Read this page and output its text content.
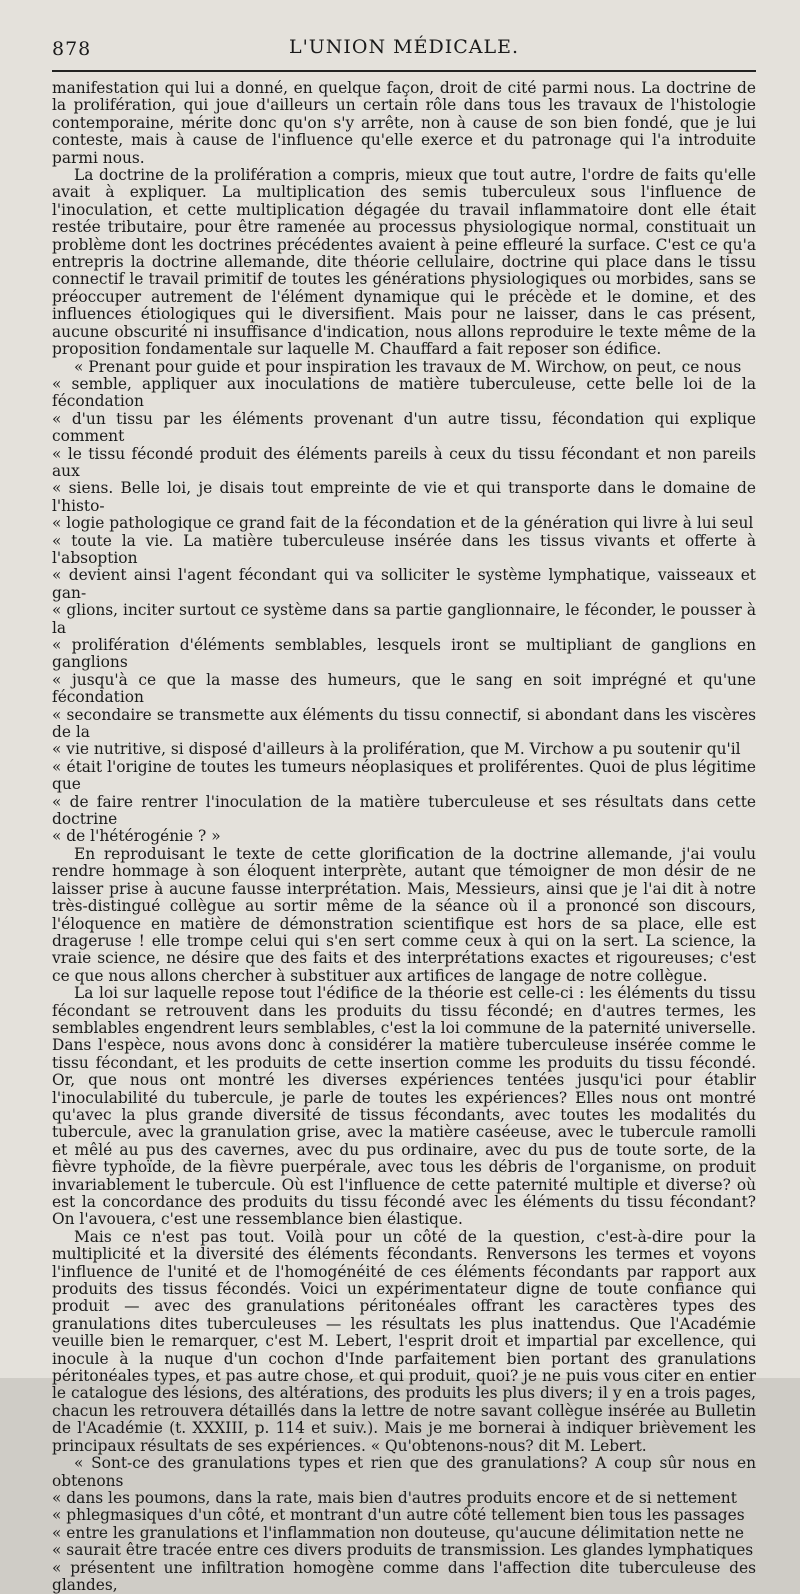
878	L'UNION MÉDICALE.

manifestation qui lui a donné, en quelque façon, droit de cité parmi nous. La doctrine de la prolifération, qui joue d'ailleurs un certain rôle dans tous les travaux de l'histologie contemporaine, mérite donc qu'on s'y arrête, non à cause de son bien fondé, que je lui conteste, mais à cause de l'influence qu'elle exerce et du patronage qui l'a introduite parmi nous.

La doctrine de la prolifération a compris, mieux que tout autre, l'ordre de faits qu'elle avait à expliquer. La multiplication des semis tuberculeux sous l'influence de l'inoculation, et cette multiplication dégagée du travail inflammatoire dont elle était restée tributaire, pour être ramenée au processus physiologique normal, constituait un problème dont les doctrines précédentes avaient à peine effleuré la surface. C'est ce qu'a entrepris la doctrine allemande, dite théorie cellulaire, doctrine qui place dans le tissu connectif le travail primitif de toutes les générations physiologiques ou morbides, sans se préoccuper autrement de l'élément dynamique qui le précède et le domine, et des influences étiologiques qui le diversifient. Mais pour ne laisser, dans le cas présent, aucune obscurité ni insuffisance d'indication, nous allons reproduire le texte même de la proposition fondamentale sur laquelle M. Chauffard a fait reposer son édifice.

« Prenant pour guide et pour inspiration les travaux de M. Wirchow, on peut, ce nous
« semble, appliquer aux inoculations de matière tuberculeuse, cette belle loi de la fécondation
« d'un tissu par les éléments provenant d'un autre tissu, fécondation qui explique comment
« le tissu fécondé produit des éléments pareils à ceux du tissu fécondant et non pareils aux
« siens. Belle loi, je disais tout empreinte de vie et qui transporte dans le domaine de l'histo-
« logie pathologique ce grand fait de la fécondation et de la génération qui livre à lui seul
« toute la vie. La matière tuberculeuse insérée dans les tissus vivants et offerte à l'absoption
« devient ainsi l'agent fécondant qui va solliciter le système lymphatique, vaisseaux et gan-
« glions, inciter surtout ce système dans sa partie ganglionnaire, le féconder, le pousser à la
« prolifération d'éléments semblables, lesquels iront se multipliant de ganglions en ganglions
« jusqu'à ce que la masse des humeurs, que le sang en soit imprégné et qu'une fécondation
« secondaire se transmette aux éléments du tissu connectif, si abondant dans les viscères de la
« vie nutritive, si disposé d'ailleurs à la prolifération, que M. Virchow a pu soutenir qu'il
« était l'origine de toutes les tumeurs néoplasiques et proliférentes. Quoi de plus légitime que
« de faire rentrer l'inoculation de la matière tuberculeuse et ses résultats dans cette doctrine
« de l'hétérogénie ? »

En reproduisant le texte de cette glorification de la doctrine allemande, j'ai voulu rendre hommage à son éloquent interprète, autant que témoigner de mon désir de ne laisser prise à aucune fausse interprétation. Mais, Messieurs, ainsi que je l'ai dit à notre très-distingué collègue au sortir même de la séance où il a prononcé son discours, l'éloquence en matière de démonstration scientifique est hors de sa place, elle est drageruse ! elle trompe celui qui s'en sert comme ceux à qui on la sert. La science, la vraie science, ne désire que des faits et des interprétations exactes et rigoureuses; c'est ce que nous allons chercher à substituer aux artifices de langage de notre collègue.

La loi sur laquelle repose tout l'édifice de la théorie est celle-ci : les éléments du tissu fécondant se retrouvent dans les produits du tissu fécondé; en d'autres termes, les semblables engendrent leurs semblables, c'est la loi commune de la paternité universelle. Dans l'espèce, nous avons donc à considérer la matière tuberculeuse insérée comme le tissu fécondant, et les produits de cette insertion comme les produits du tissu fécondé. Or, que nous ont montré les diverses expériences tentées jusqu'ici pour établir l'inoculabilité du tubercule, je parle de toutes les expériences? Elles nous ont montré qu'avec la plus grande diversité de tissus fécondants, avec toutes les modalités du tubercule, avec la granulation grise, avec la matière caséeuse, avec le tubercule ramolli et mêlé au pus des cavernes, avec du pus ordinaire, avec du pus de toute sorte, de la fièvre typhoïde, de la fièvre puerpérale, avec tous les débris de l'organisme, on produit invariablement le tubercule. Où est l'influence de cette paternité multiple et diverse? où est la concordance des produits du tissu fécondé avec les éléments du tissu fécondant? On l'avouera, c'est une ressemblance bien élastique.

Mais ce n'est pas tout. Voilà pour un côté de la question, c'est-à-dire pour la multiplicité et la diversité des éléments fécondants. Renversons les termes et voyons l'influence de l'unité et de l'homogénéité de ces éléments fécondants par rapport aux produits des tissus fécondés. Voici un expérimentateur digne de toute confiance qui produit — avec des granulations péritonéales offrant les caractères types des granulations dites tuberculeuses — les résultats les plus inattendus. Que l'Académie veuille bien le remarquer, c'est M. Lebert, l'esprit droit et impartial par excellence, qui inocule à la nuque d'un cochon d'Inde parfaitement bien portant des granulations péritonéales types, et pas autre chose, et qui produit, quoi? je ne puis vous citer en entier le catalogue des lésions, des altérations, des produits les plus divers; il y en a trois pages, chacun les retrouvera détaillés dans la lettre de notre savant collègue insérée au Bulletin de l'Académie (t. XXXIII, p. 114 et suiv.). Mais je me bornerai à indiquer brièvement les principaux résultats de ses expériences. « Qu'obtenons-nous? dit M. Lebert.

« Sont-ce des granulations types et rien que des granulations? A coup sûr nous en obtenons
« dans les poumons, dans la rate, mais bien d'autres produits encore et de si nettement
« phlegmasiques d'un côté, et montrant d'un autre côté tellement bien tous les passages
« entre les granulations et l'inflammation non douteuse, qu'aucune délimitation nette ne
« saurait être tracée entre ces divers produits de transmission. Les glandes lymphatiques
« présentent une infiltration homogène comme dans l'affection dite tuberculeuse des glandes,
